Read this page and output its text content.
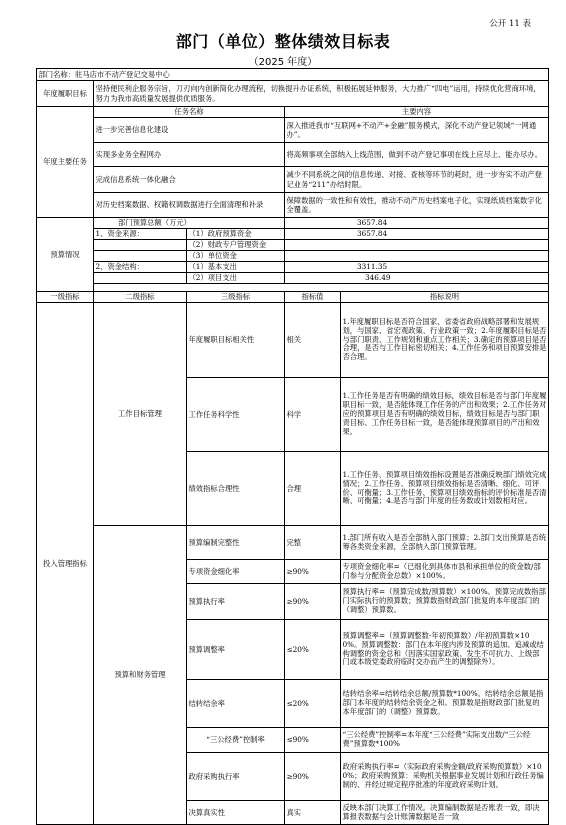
公开 11 表
部门（单位）整体绩效目标表
（2025 年度）
部门名称：驻马店市不动产登记交易中心				
年度履职目标	坚持便民利企服务宗旨，刀刃向内创新简化办理流程，切换提升办证系统，积极拓展延伸服务，大力推广“四电”运用，持续优化营商环境，努力为我市高质量发展提供优质服务。			
年度主要任务	任务名称		主要内容	
	进一步完善信息化建设		深入推进我市“互联网+不动产+金融”服务模式，深化不动产登记领域“一网通办”。	
	实现多业务全程网办		将高频事项全部纳入上线范围，做到不动产登记事项在线上应尽上、能办尽办。	
	完成信息系统一体化融合		减少不同系统之间的信息传递、对接、查核等环节的耗时，进一步夯实不动产登记业务“211”办结时限。	
	对历史档案数据、权籍权调数据进行全面清理和补录		保障数据的一致性和有效性，推动不动产历史档案电子化，实现纸质档案数字化全覆盖。	
预算情况	部门预算总额（万元）		3657.84	
	1、资金来源：	（1）政府预算资金	3657.84	
		（2）财政专户管理资金		
		（3）单位资金		
	2、资金结构：	（1）基本支出	3311.35	
		（2）项目支出	346.49	

一级指标	二级指标	三级指标	指标值	指标说明
投入管理指标	工作目标管理	年度履职目标相关性	相关	1.年度履职目标是否符合国家、省委省政府战略部署和发展规划，与国家、省宏观政策、行业政策一致；2.年度履职目标是否与部门职责、工作规划和重点工作相关；3.确定的预算项目是否合理，是否与工作目标密切相关；4.工作任务和项目预算安排是否合理。
		工作任务科学性	科学	1.工作任务是否有明确的绩效目标，绩效目标是否与部门年度履职目标一致，是否能体现工作任务的产出和效果；2.工作任务对应的预算项目是否有明确的绩效目标，绩效目标是否与部门职责目标、工作任务目标一致，是否能体现预算项目的产出和效果。
		绩效指标合理性	合理	1.工作任务、预算项目绩效指标设置是否准确反映部门绩效完成情况；2.工作任务、预算项目绩效指标是否清晰、细化、可评价、可衡量；3.工作任务、预算项目绩效指标的评价标准是否清晰、可衡量；4.是否与部门年度的任务数或计划数相对应。
	预算和财务管理	预算编制完整性	完整	1.部门所有收入是否全部纳入部门预算；2.部门支出预算是否统筹各类资金来源，全部纳入部门预算管理。
		专项资金细化率	≥90%	专项资金细化率=（已细化到具体市县和承担单位的资金数/部门参与分配资金总数）×100%。
		预算执行率	≥90%	预算执行率=（预算完成数/预算数）×100%。预算完成数指部门实际执行的预算数；预算数指财政部门批复的本年度部门的（调整）预算数。
		预算调整率	≤20%	预算调整率=（预算调整数-年初预算数）/年初预算数×100%。预算调整数：部门在本年度内涉及预算的追加、追减或结构调整的资金总和（因落实国家政策、发生不可抗力、上级部门或本级党委政府临时交办而产生的调整除外）。
		结转结余率	≤20%	结转结余率=结转结余总额/预算数*100%。结转结余总额是指部门本年度的结转结余资金之和。预算数是指财政部门批复的本年度部门的（调整）预算数。
		“三公经费”控制率	≤90%	“三公经费”控制率=本年度“三公经费”实际支出数/“三公经费”预算数*100%
		政府采购执行率	≥90%	政府采购执行率=（实际政府采购金额/政府采购预算数）×100%；政府采购预算：采购机关根据事业发展计划和行政任务编制的、并经过规定程序批准的年度政府采购计划。
		决算真实性	真实	反映本部门决算工作情况。决算编制数据是否账表一致，即决算报表数据与会计账簿数据是否一致
